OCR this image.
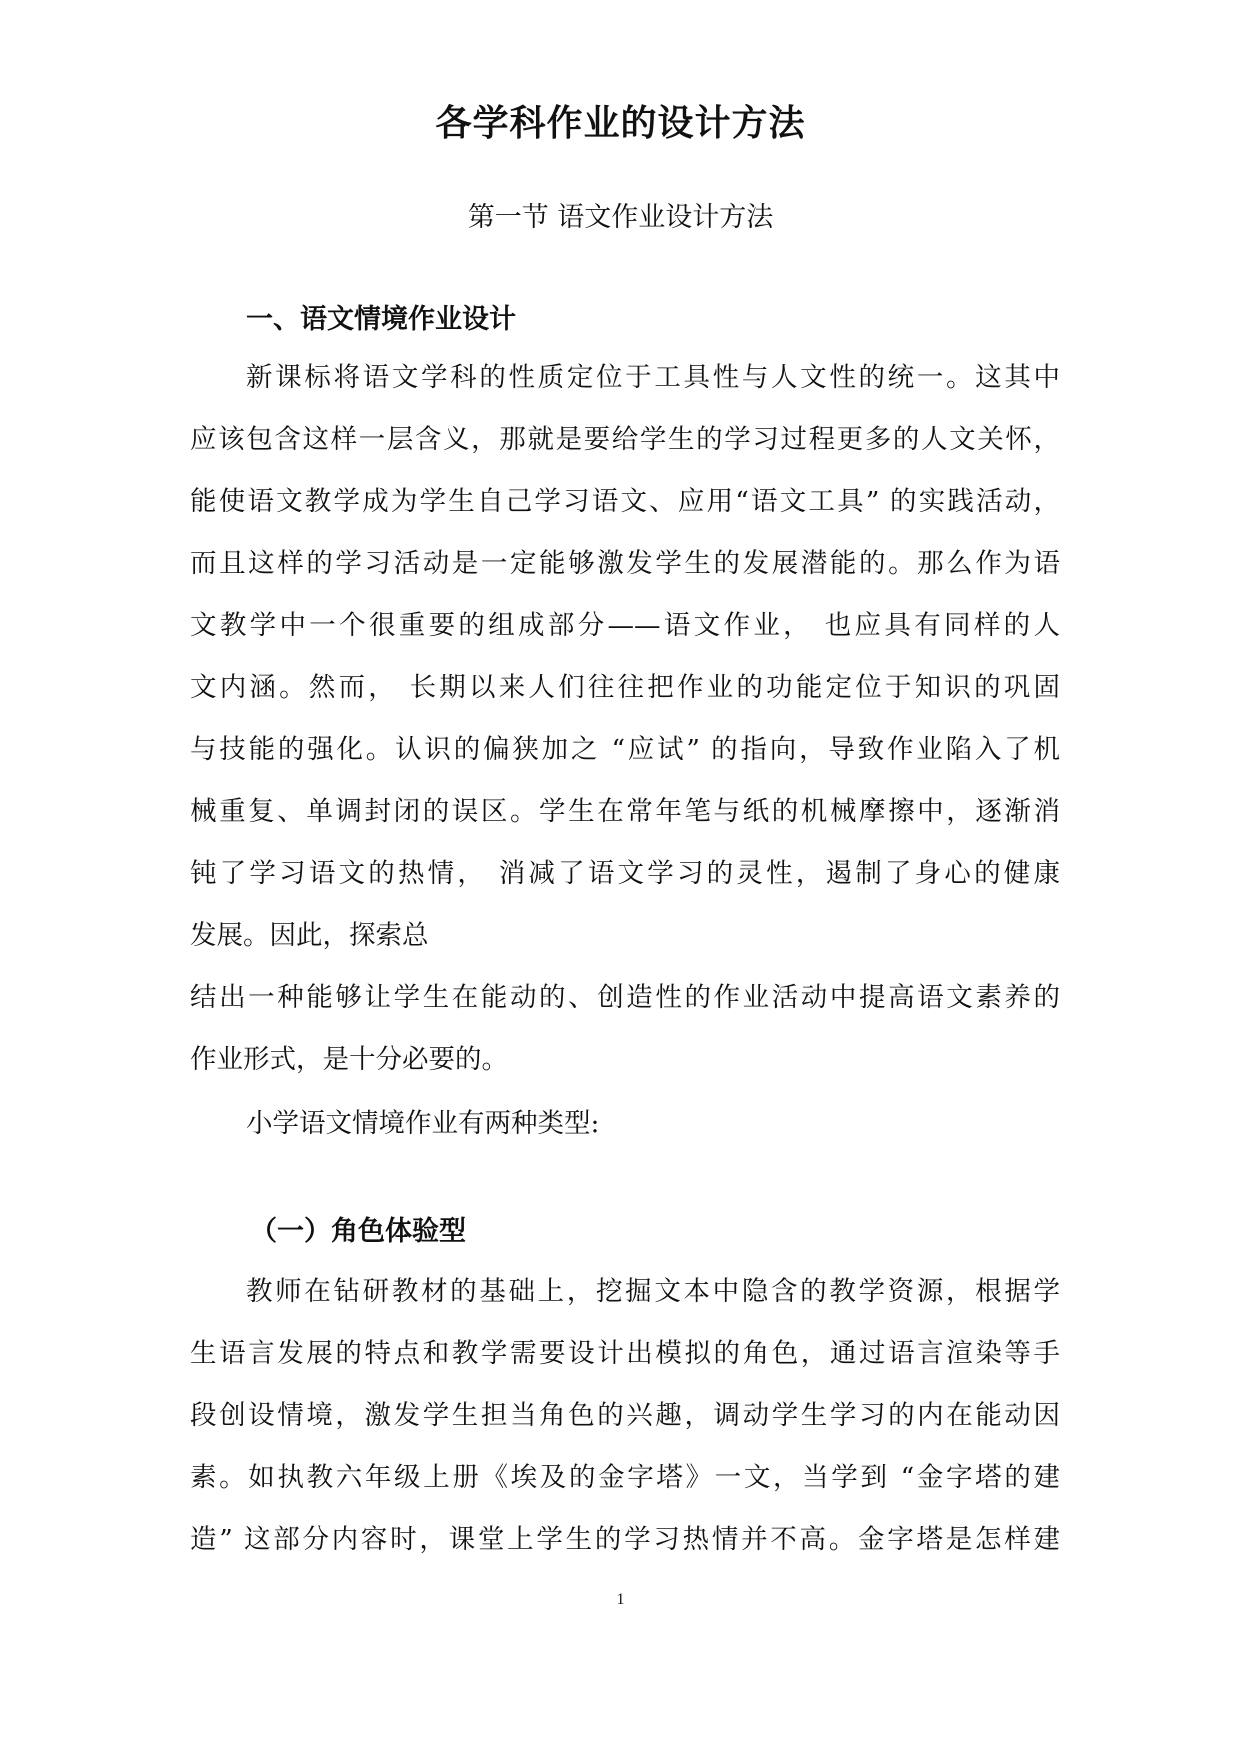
各学科作业的设计方法
第一节 语文作业设计方法
一、语文情境作业设计
新课标将语文学科的性质定位于工具性与人文性的统一。这其中
应该包含这样一层含义，那就是要给学生的学习过程更多的人文关怀，
能使语文教学成为学生自己学习语文、应用“语文工具” 的实践活动，
而且这样的学习活动是一定能够激发学生的发展潜能的。那么作为语
文教学中一个很重要的组成部分——语文作业， 也应具有同样的人
文内涵。然而， 长期以来人们往往把作业的功能定位于知识的巩固
与技能的强化。认识的偏狭加之 “应试” 的指向，导致作业陷入了机
械重复、单调封闭的误区。学生在常年笔与纸的机械摩擦中，逐渐消
钝了学习语文的热情， 消减了语文学习的灵性，遏制了身心的健康
发展。因此，探索总
结出一种能够让学生在能动的、创造性的作业活动中提高语文素养的
作业形式，是十分必要的。
小学语文情境作业有两种类型:
（一）角色体验型
教师在钻研教材的基础上，挖掘文本中隐含的教学资源，根据学
生语言发展的特点和教学需要设计出模拟的角色，通过语言渲染等手
段创设情境，激发学生担当角色的兴趣，调动学生学习的内在能动因
素。如执教六年级上册《埃及的金字塔》一文，当学到 “金字塔的建
造” 这部分内容时，课堂上学生的学习热情并不高。金字塔是怎样建
1
